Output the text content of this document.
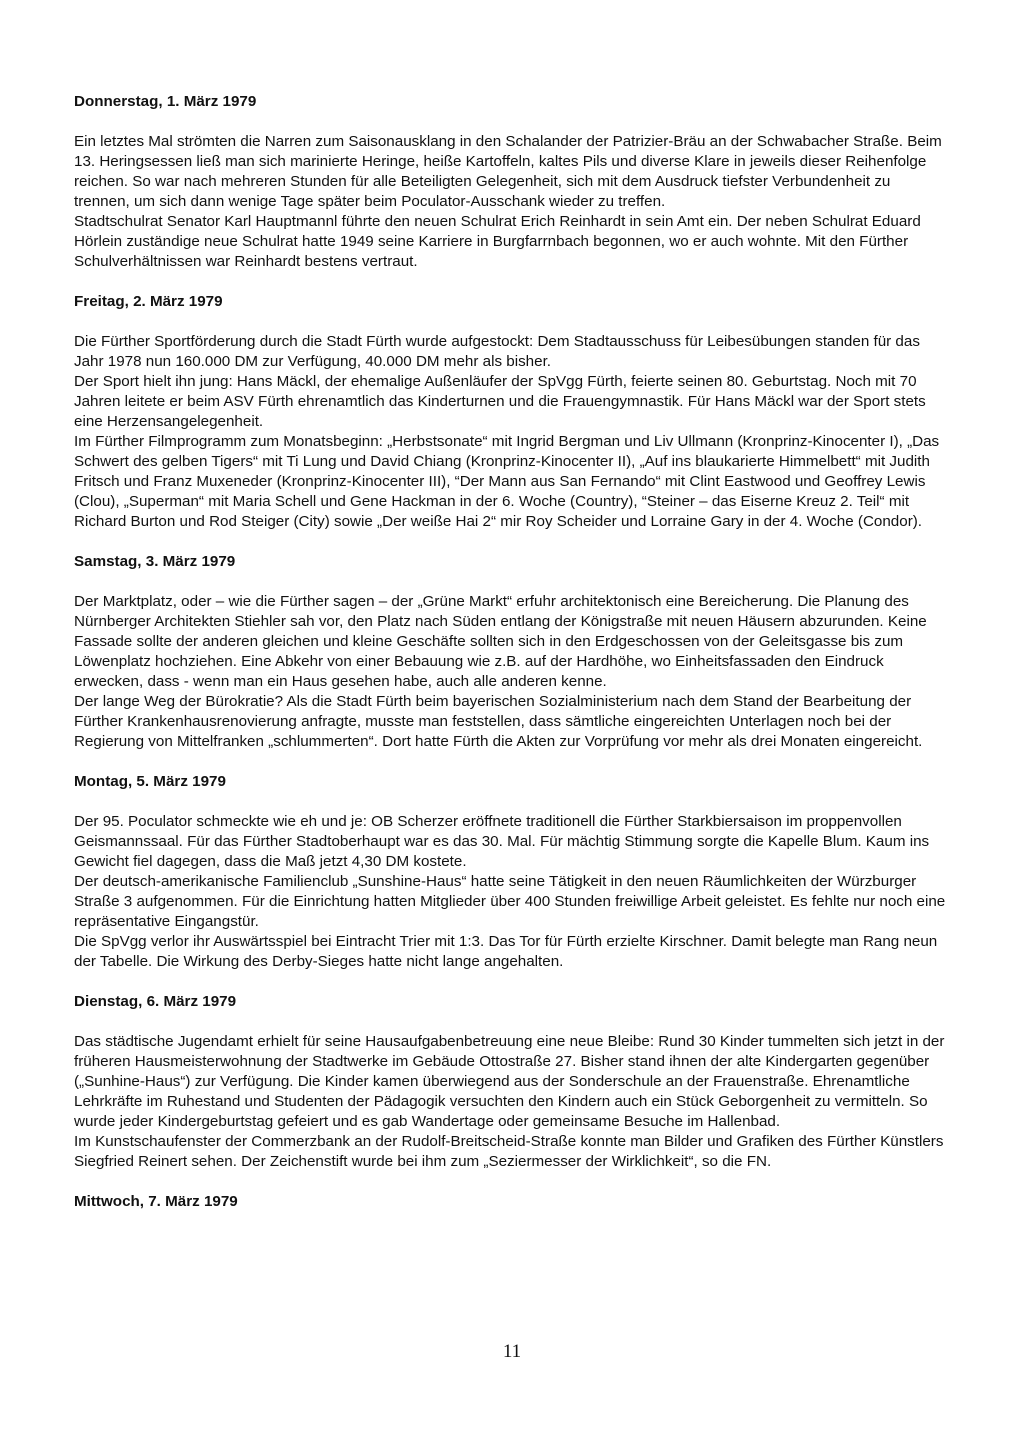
Donnerstag, 1. März 1979

Ein letztes Mal strömten die Narren zum Saisonausklang in den Schalander der Patrizier-Bräu an der Schwabacher Straße. Beim 13. Heringsessen ließ man sich marinierte Heringe, heiße Kartoffeln, kaltes Pils und diverse Klare in jeweils dieser Reihenfolge reichen. So war nach mehreren Stunden für alle Beteiligten Gelegenheit, sich mit dem Ausdruck tiefster Verbundenheit zu trennen, um sich dann wenige Tage später beim Poculator-Ausschank wieder zu treffen.

Stadtschulrat Senator Karl Hauptmannl führte den neuen Schulrat Erich Reinhardt in sein Amt ein. Der neben Schulrat Eduard Hörlein zuständige neue Schulrat hatte 1949 seine Karriere in Burgfarrnbach begonnen, wo er auch wohnte. Mit den Fürther Schulverhältnissen war Reinhardt bestens vertraut.

Freitag, 2. März 1979

Die Fürther Sportförderung durch die Stadt Fürth wurde aufgestockt: Dem Stadtausschuss für Leibesübungen standen für das Jahr 1978 nun 160.000 DM zur Verfügung, 40.000 DM mehr als bisher.

Der Sport hielt ihn jung: Hans Mäckl, der ehemalige Außenläufer der SpVgg Fürth, feierte seinen 80. Geburtstag. Noch mit 70 Jahren leitete er beim ASV Fürth ehrenamtlich das Kinderturnen und die Frauengymnastik. Für Hans Mäckl war der Sport stets eine Herzensangelegenheit.

Im Fürther Filmprogramm zum Monatsbeginn: „Herbstsonate“ mit Ingrid Bergman und Liv Ullmann (Kronprinz-Kinocenter I), „Das Schwert des gelben Tigers“ mit Ti Lung und David Chiang (Kronprinz-Kinocenter II), „Auf ins blaukarierte Himmelbett“ mit Judith Fritsch und Franz Muxeneder (Kronprinz-Kinocenter III), “Der Mann aus San Fernando“ mit Clint Eastwood und Geoffrey Lewis (Clou), „Superman“ mit Maria Schell und Gene Hackman in der 6. Woche (Country), “Steiner – das Eiserne Kreuz 2. Teil“ mit Richard Burton und Rod Steiger (City) sowie „Der weiße Hai 2“ mir Roy Scheider und Lorraine Gary in der 4. Woche (Condor).

Samstag, 3. März 1979

Der Marktplatz, oder – wie die Fürther sagen – der „Grüne Markt“ erfuhr architektonisch eine Bereicherung. Die Planung des Nürnberger Architekten Stiehler sah vor, den Platz nach Süden entlang der Königstraße mit neuen Häusern abzurunden. Keine Fassade sollte der anderen gleichen und kleine Geschäfte sollten sich in den Erdgeschossen von der Geleitsgasse bis zum Löwenplatz hochziehen. Eine Abkehr von einer Bebauung wie z.B. auf der Hardhöhe, wo Einheitsfassaden den Eindruck erwecken, dass - wenn man ein Haus gesehen habe, auch alle anderen kenne.

Der lange Weg der Bürokratie? Als die Stadt Fürth beim bayerischen Sozialministerium nach dem Stand der Bearbeitung der Fürther Krankenhausrenovierung anfragte, musste man feststellen, dass sämtliche eingereichten Unterlagen noch bei der Regierung von Mittelfranken „schlummerten“. Dort hatte Fürth die Akten zur Vorprüfung vor mehr als drei Monaten eingereicht.

Montag, 5. März 1979

Der 95. Poculator schmeckte wie eh und je: OB Scherzer eröffnete traditionell die Fürther Starkbiersaison im proppenvollen Geismannssaal. Für das Fürther Stadtoberhaupt war es das 30. Mal. Für mächtig Stimmung sorgte die Kapelle Blum. Kaum ins Gewicht fiel dagegen, dass die Maß jetzt 4,30 DM kostete.

Der deutsch-amerikanische Familienclub „Sunshine-Haus“ hatte seine Tätigkeit in den neuen Räumlichkeiten der Würzburger Straße 3 aufgenommen. Für die Einrichtung hatten Mitglieder über 400 Stunden freiwillige Arbeit geleistet. Es fehlte nur noch eine repräsentative Eingangstür.

Die SpVgg verlor ihr Auswärtsspiel bei Eintracht Trier mit 1:3. Das Tor für Fürth erzielte Kirschner. Damit belegte man Rang neun der Tabelle. Die Wirkung des Derby-Sieges hatte nicht lange angehalten.

Dienstag, 6. März 1979

Das städtische Jugendamt erhielt für seine Hausaufgabenbetreuung eine neue Bleibe: Rund 30 Kinder tummelten sich jetzt in der früheren Hausmeisterwohnung der Stadtwerke im Gebäude Ottostraße 27. Bisher stand ihnen der alte Kindergarten gegenüber („Sunhine-Haus“) zur Verfügung. Die Kinder kamen überwiegend aus der Sonderschule an der Frauenstraße. Ehrenamtliche Lehrkräfte im Ruhestand und Studenten der Pädagogik versuchten den Kindern auch ein Stück Geborgenheit zu vermitteln. So wurde jeder Kindergeburtstag gefeiert und es gab Wandertage oder gemeinsame Besuche im Hallenbad.

Im Kunstschaufenster der Commerzbank an der Rudolf-Breitscheid-Straße konnte man Bilder und Grafiken des Fürther Künstlers Siegfried Reinert sehen. Der Zeichenstift wurde bei ihm zum „Seziermesser der Wirklichkeit“, so die FN.

Mittwoch, 7. März 1979
11
